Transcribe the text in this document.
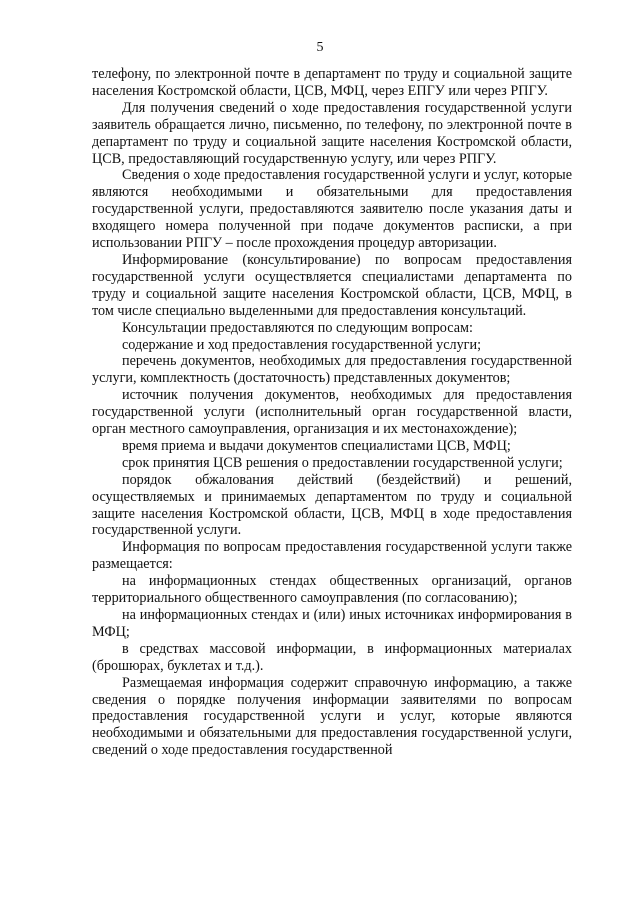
5

телефону, по электронной почте в департамент по труду и социальной защите населения Костромской области, ЦСВ, МФЦ, через ЕПГУ или через РПГУ.

Для получения сведений о ходе предоставления государственной услуги заявитель обращается лично, письменно, по телефону, по электронной почте в департамент по труду и социальной защите населения Костромской области, ЦСВ, предоставляющий государственную услугу, или через РПГУ.

Сведения о ходе предоставления государственной услуги и услуг, которые являются необходимыми и обязательными для предоставления государственной услуги, предоставляются заявителю после указания даты и входящего номера полученной при подаче документов расписки, а при использовании РПГУ – после прохождения процедур авторизации.

Информирование (консультирование) по вопросам предоставления государственной услуги осуществляется специалистами департамента по труду и социальной защите населения Костромской области, ЦСВ, МФЦ, в том числе специально выделенными для предоставления консультаций.

Консультации предоставляются по следующим вопросам:

содержание и ход предоставления государственной услуги;

перечень документов, необходимых для предоставления государственной услуги, комплектность (достаточность) представленных документов;

источник получения документов, необходимых для предоставления государственной услуги (исполнительный орган государственной власти, орган местного самоуправления, организация и их местонахождение);

время приема и выдачи документов специалистами ЦСВ, МФЦ;

срок принятия ЦСВ решения о предоставлении государственной услуги;

порядок обжалования действий (бездействий) и решений, осуществляемых и принимаемых департаментом по труду и социальной защите населения Костромской области, ЦСВ, МФЦ в ходе предоставления государственной услуги.

Информация по вопросам предоставления государственной услуги также размещается:

на информационных стендах общественных организаций, органов территориального общественного самоуправления (по согласованию);

на информационных стендах и (или) иных источниках информирования в МФЦ;

в средствах массовой информации, в информационных материалах (брошюрах, буклетах и т.д.).

Размещаемая информация содержит справочную информацию, а также сведения о порядке получения информации заявителями по вопросам предоставления государственной услуги и услуг, которые являются необходимыми и обязательными для предоставления государственной услуги, сведений о ходе предоставления государственной
